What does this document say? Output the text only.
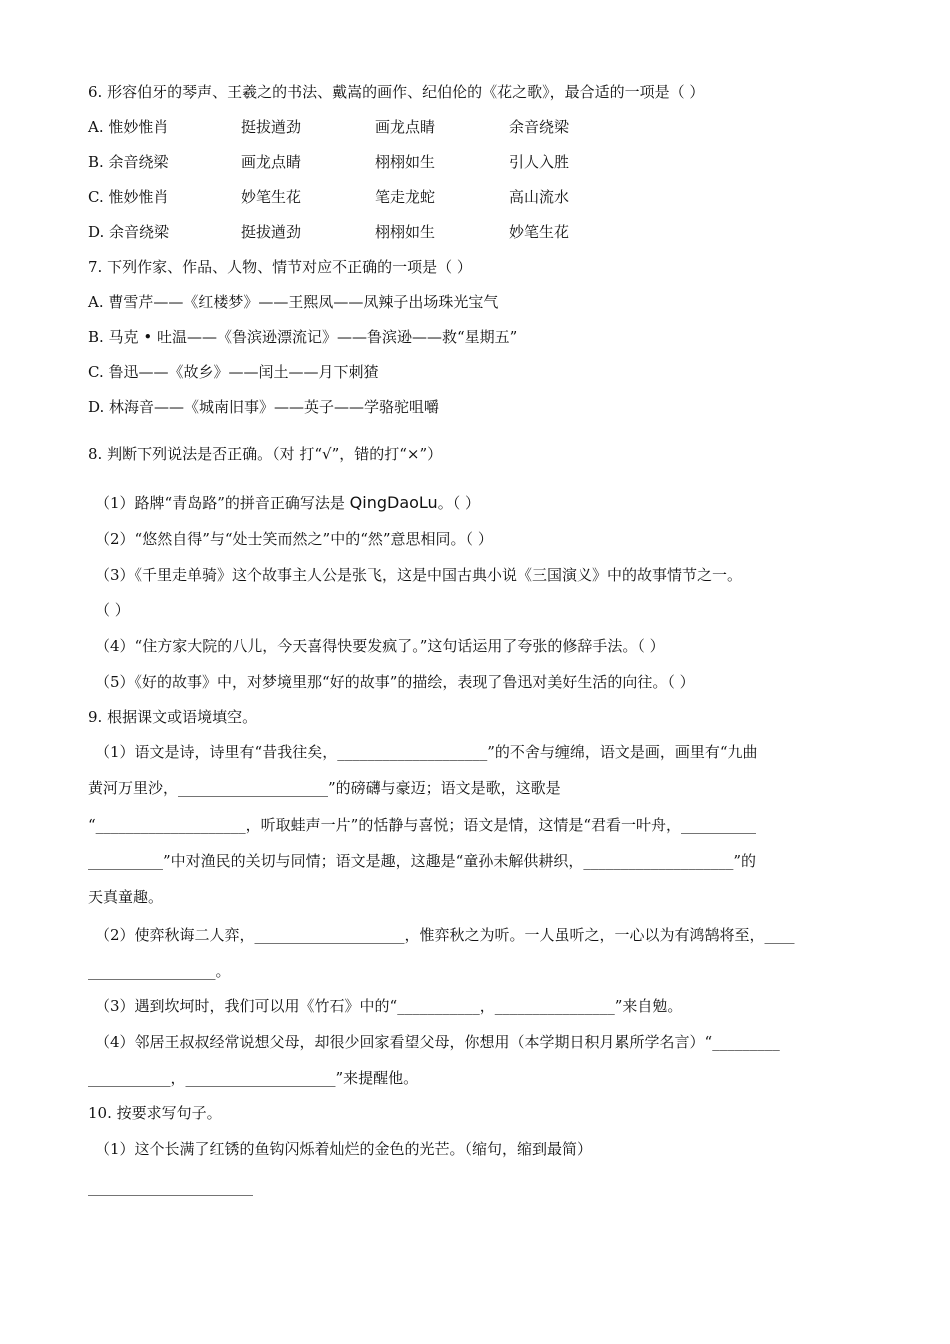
6. 形容伯牙的琴声、王羲之的书法、戴嵩的画作、纪伯伦的《花之歌》，最合适的一项是（ ）
A. 惟妙惟肖	挺拔遒劲	画龙点睛	余音绕梁
B. 余音绕梁	画龙点睛	栩栩如生	引人入胜
C. 惟妙惟肖	妙笔生花	笔走龙蛇	高山流水
D. 余音绕梁	挺拔遒劲	栩栩如生	妙笔生花
7. 下列作家、作品、人物、情节对应不正确的一项是（ ）
A. 曹雪芹——《红楼梦》——王熙凤——凤辣子出场珠光宝气
B. 马克 • 吐温——《鲁滨逊漂流记》——鲁滨逊——救“星期五”
C. 鲁迅——《故乡》——闰土——月下刺猹
D. 林海音——《城南旧事》——英子——学骆驼咀嚼
8. 判断下列说法是否正确。（对 打“√”，错的打“×”）
（1）路牌“青岛路”的拼音正确写法是 QingDaoLu。（ ）
（2）“悠然自得”与“处士笑而然之”中的“然”意思相同。（ ）
（3）《千里走单骑》这个故事主人公是张飞，这是中国古典小说《三国演义》中的故事情节之一。
（ ）
（4）“住方家大院的八儿，今天喜得快要发疯了。”这句话运用了夸张的修辞手法。（ ）
（5）《好的故事》中，对梦境里那“好的故事”的描绘，表现了鲁迅对美好生活的向往。（ ）
9. 根据课文或语境填空。
（1）语文是诗，诗里有“昔我往矣，____________________”的不舍与缠绵，语文是画，画里有“九曲
黄河万里沙，____________________”的磅礴与豪迈；语文是歌，这歌是
“____________________，听取蛙声一片”的恬静与喜悦；语文是情，这情是“君看一叶舟，__________
__________”中对渔民的关切与同情；语文是趣，这趣是“童孙未解供耕织，____________________”的
天真童趣。
（2）使弈秋诲二人弈，____________________，惟弈秋之为听。一人虽听之，一心以为有鸿鹄将至，____
_________________。
（3）遇到坎坷时，我们可以用《竹石》中的“___________，________________”来自勉。
（4）邻居王叔叔经常说想父母，却很少回家看望父母，你想用（本学期日积月累所学名言）“_________
___________，____________________”来提醒他。
10. 按要求写句子。
（1）这个长满了红锈的鱼钩闪烁着灿烂的金色的光芒。（缩句，缩到最简）
______________________
